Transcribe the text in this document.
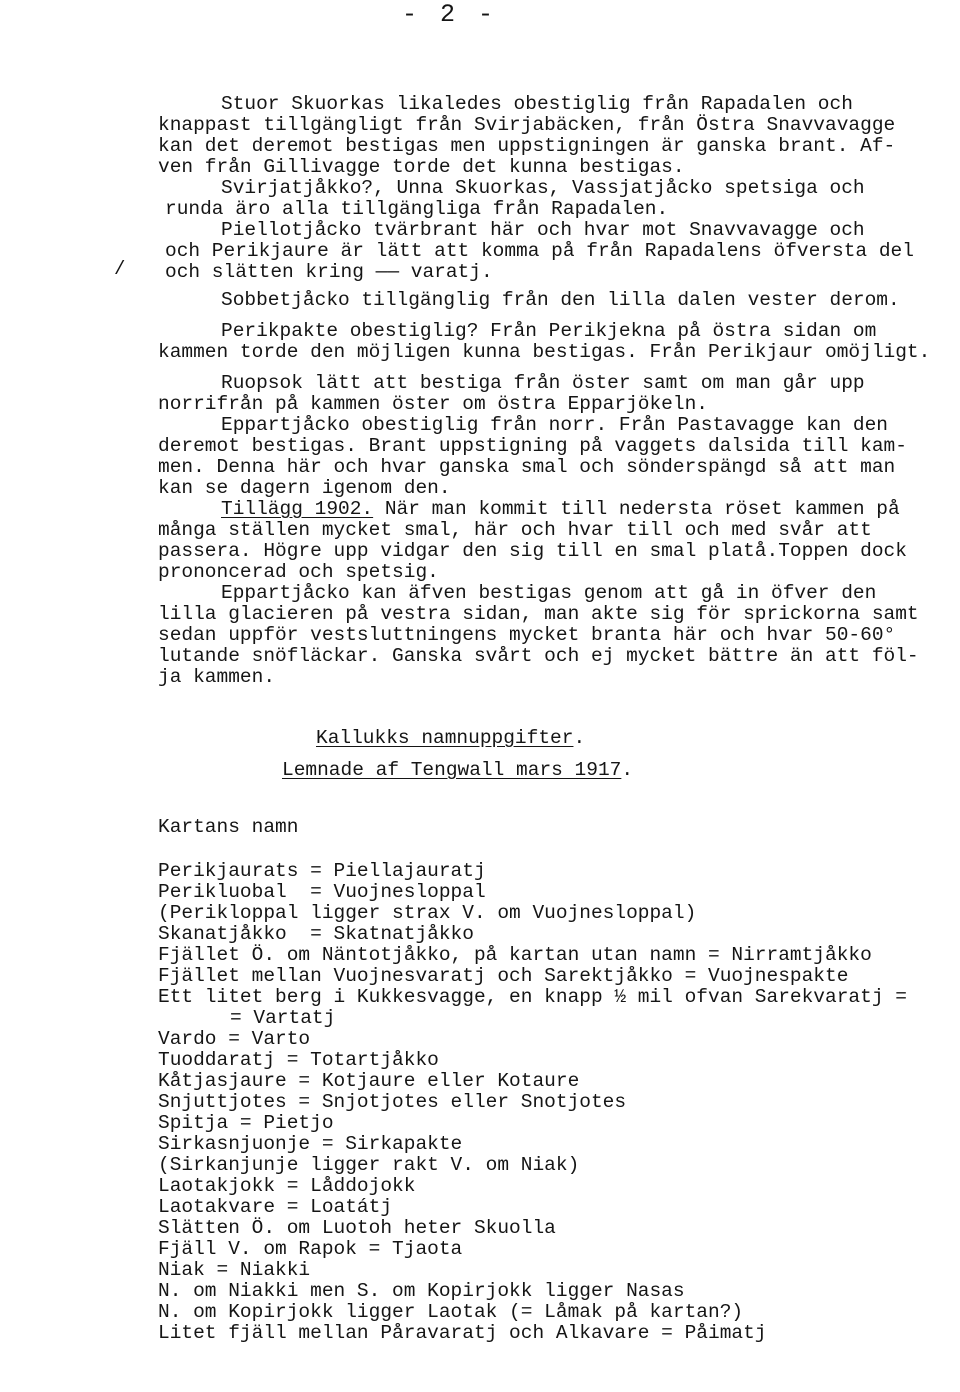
- 2 -
/
Stuor Skuorkas likaledes obestiglig från Rapadalen och
knappast tillgängligt från Svirjabäcken, från Östra Snavvavagge
kan det deremot bestigas men uppstigningen är ganska brant. Af-
ven från Gillivagge torde det kunna bestigas.
Svirjatjåkko?, Unna Skuorkas, Vassjatjåcko spetsiga och
runda äro alla tillgängliga från Rapadalen.
Piellotjåcko tvärbrant här och hvar mot Snavvavagge och
och Perikjaure är lätt att komma på från Rapadalens öfversta del
och slätten kring —— varatj.
Sobbetjåcko tillgänglig från den lilla dalen vester derom.
Perikpakte obestiglig? Från Perikjekna på östra sidan om
kammen torde den möjligen kunna bestigas. Från Perikjaur omöjligt.
Ruopsok lätt att bestiga från öster samt om man går upp
norrifrån på kammen öster om östra Epparjökeln.
Eppartjåcko obestiglig från norr. Från Pastavagge kan den
deremot bestigas. Brant uppstigning på vaggets dalsida till kam-
men. Denna här och hvar ganska smal och sönderspängd så att man
kan se dagern igenom den.
Tillägg 1902. När man kommit till nedersta röset kammen på
många ställen mycket smal, här och hvar till och med svår att
passera. Högre upp vidgar den sig till en smal platå.Toppen dock
prononcerad och spetsig.
Eppartjåcko kan äfven bestigas genom att gå in öfver den
lilla glacieren på vestra sidan, man akte sig för sprickorna samt
sedan uppför vestsluttningens mycket branta här och hvar 50-60°
lutande snöfläckar. Ganska svårt och ej mycket bättre än att föl-
ja kammen.
Kallukks namnuppgifter.
Lemnade af Tengwall mars 1917.
Kartans namn
Perikjaurats = Piellajauratj
Perikluobal  = Vuojnesloppal
(Perikloppal ligger strax V. om Vuojnesloppal)
Skanatjåkko  = Skatnatjåkko
Fjället Ö. om Näntotjåkko, på kartan utan namn = Nirramtjåkko
Fjället mellan Vuojnesvaratj och Sarektjåkko = Vuojnespakte
Ett litet berg i Kukkesvagge, en knapp ½ mil ofvan Sarekvaratj =
= Vartatj
Vardo = Varto
Tuoddaratj = Totartjåkko
Kåtjasjaure = Kotjaure eller Kotaure
Snjuttjotes = Snjotjotes eller Snotjotes
Spitja = Pietjo
Sirkasnjuonje = Sirkapakte
(Sirkanjunje ligger rakt V. om Niak)
Laotakjokk = Låddojokk
Laotakvare = Loatátj
Slätten Ö. om Luotoh heter Skuolla
Fjäll V. om Rapok = Tjaota
Niak = Niakki
N. om Niakki men S. om Kopirjokk ligger Nasas
N. om Kopirjokk ligger Laotak (= Låmak på kartan?)
Litet fjäll mellan Påravaratj och Alkavare = Påimatj
